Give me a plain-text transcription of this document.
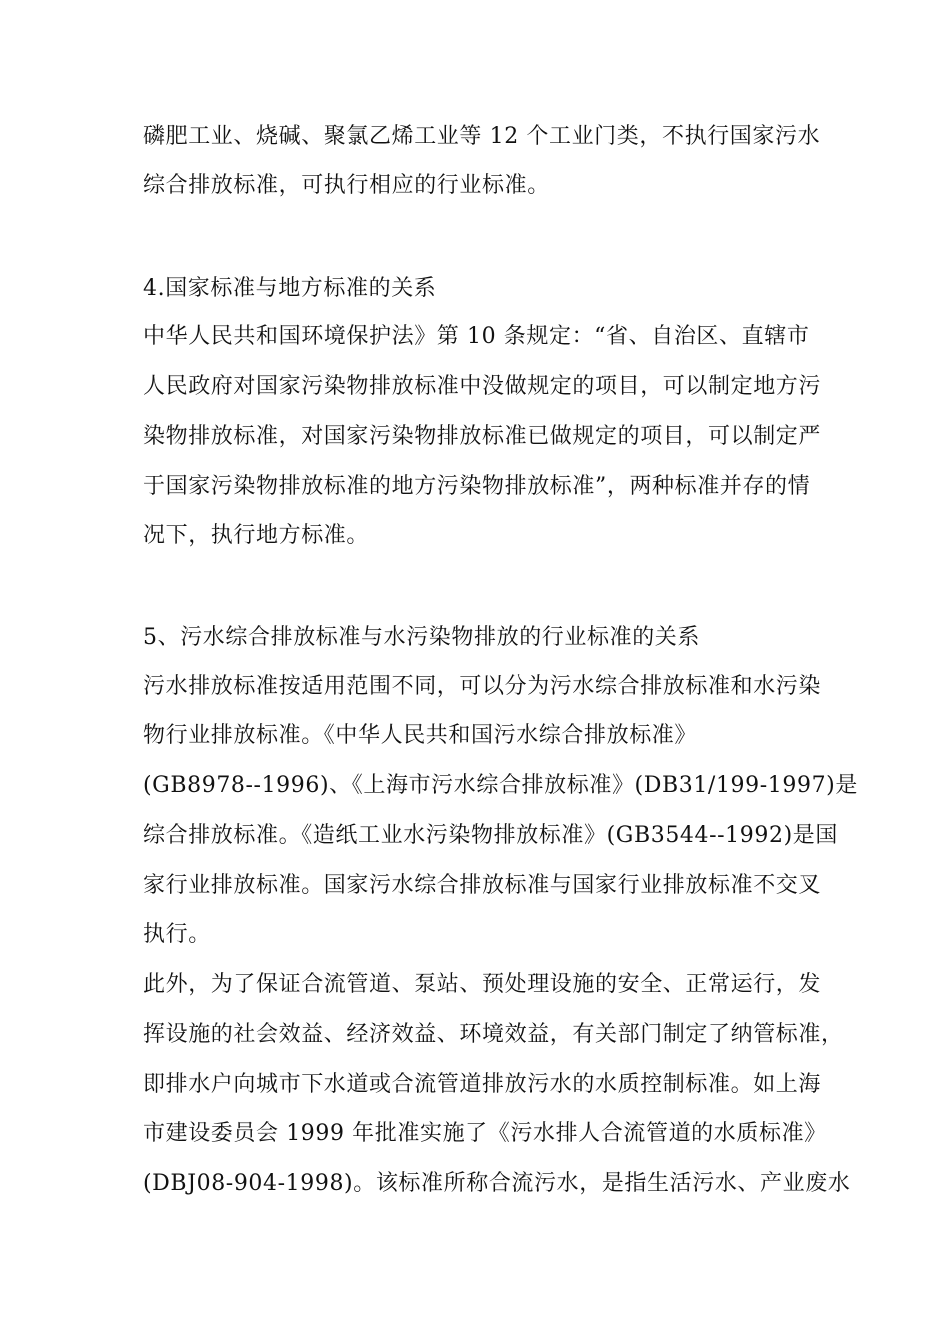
磷肥工业、烧碱、聚氯乙烯工业等 12 个工业门类，不执行国家污水
综合排放标准，可执行相应的行业标准。
4.国家标准与地方标准的关系
中华人民共和国环境保护法》第 10 条规定：“省、自治区、直辖市
人民政府对国家污染物排放标准中没做规定的项目，可以制定地方污
染物排放标准，对国家污染物排放标准已做规定的项目，可以制定严
于国家污染物排放标准的地方污染物排放标准”，两种标准并存的情
况下，执行地方标准。
5、污水综合排放标准与水污染物排放的行业标准的关系
污水排放标准按适用范围不同，可以分为污水综合排放标准和水污染
物行业排放标准。《中华人民共和国污水综合排放标准》
(GB8978--1996)、《上海市污水综合排放标准》(DB31/199-1997)是
综合排放标准。《造纸工业水污染物排放标准》(GB3544--1992)是国
家行业排放标准。国家污水综合排放标准与国家行业排放标准不交叉
执行。
此外，为了保证合流管道、泵站、预处理设施的安全、正常运行，发
挥设施的社会效益、经济效益、环境效益，有关部门制定了纳管标准，
即排水户向城市下水道或合流管道排放污水的水质控制标准。如上海
市建设委员会 1999 年批准实施了《污水排人合流管道的水质标准》
(DBJ08-904-1998)。该标准所称合流污水，是指生活污水、产业废水
